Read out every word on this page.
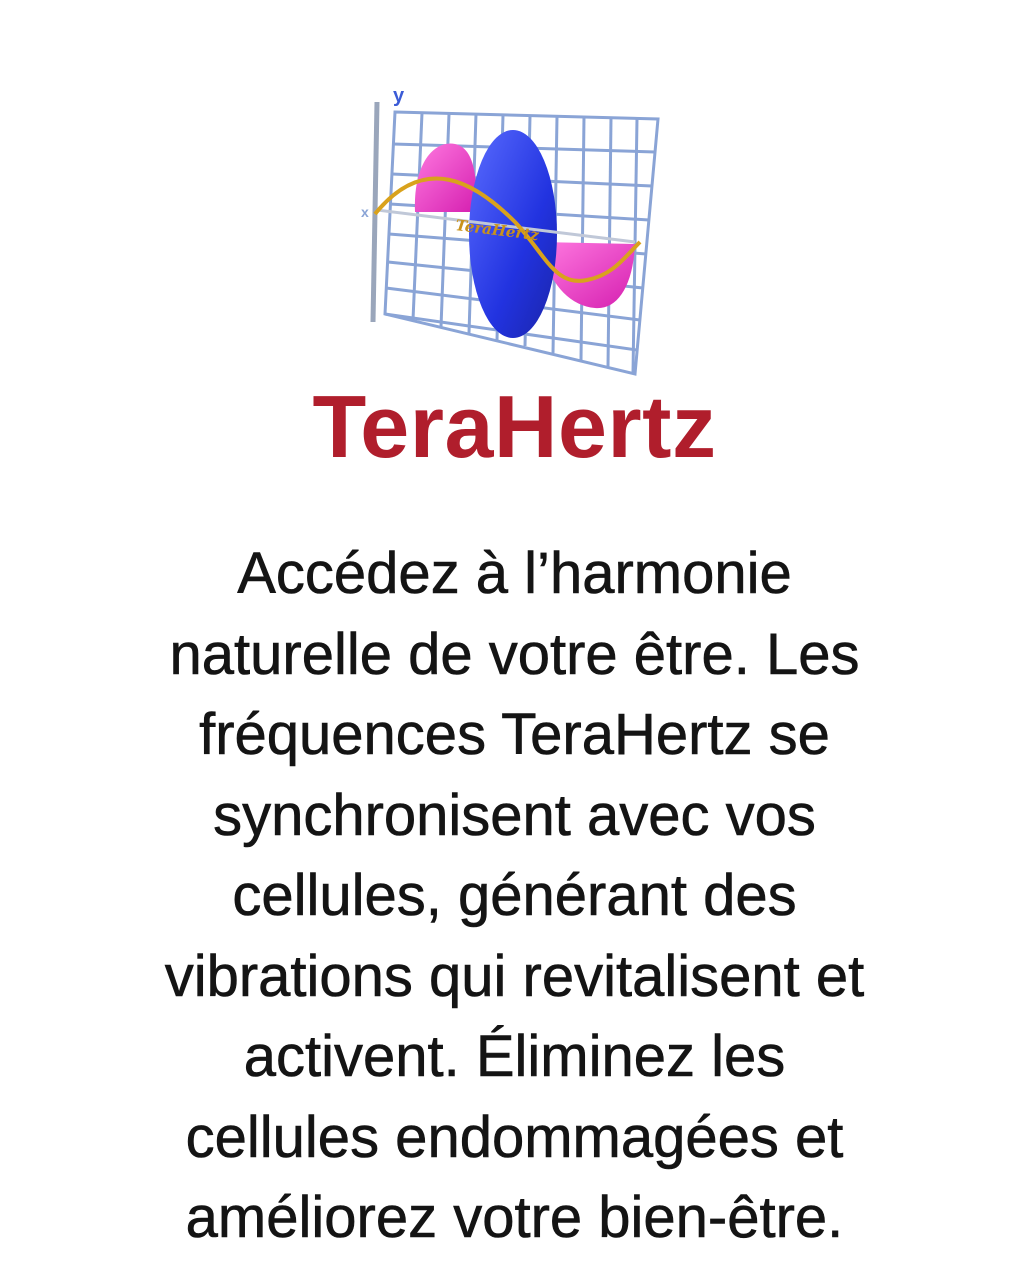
y
x
TeraHertz
TeraHertz

Accédez à l’harmonie
naturelle de votre être. Les
fréquences TeraHertz se
synchronisent avec vos
cellules, générant des
vibrations qui revitalisent et
activent. Éliminez les
cellules endommagées et
améliorez votre bien-être.
